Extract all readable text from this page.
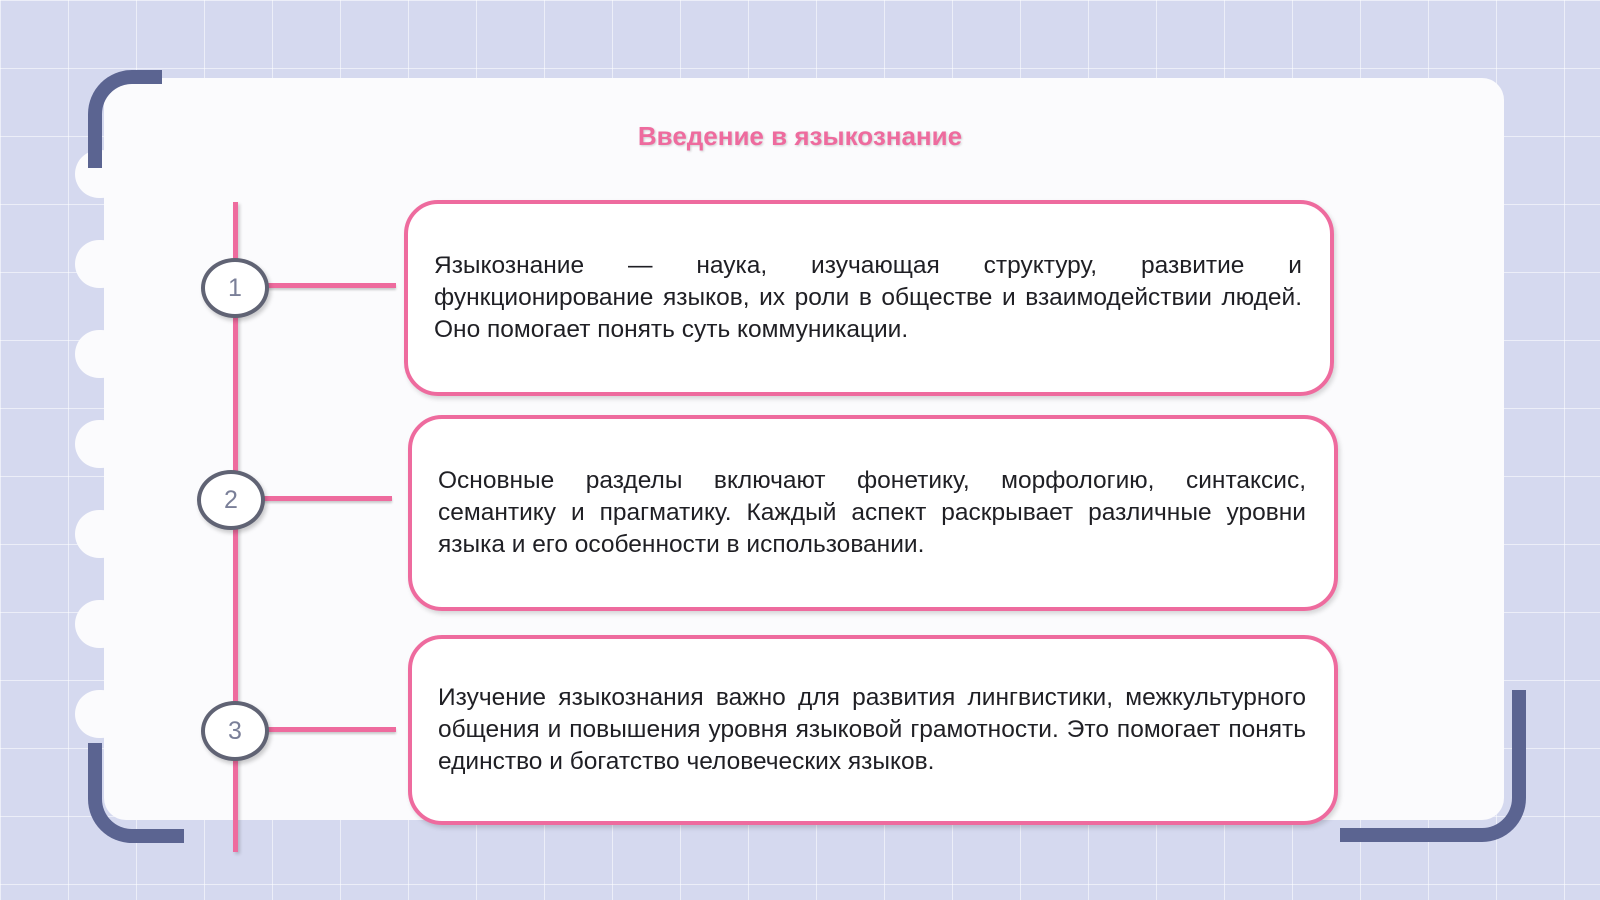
Введение в языкознание
1
2
3

Языкознание — наука, изучающая структуру, развитие и функционирование языков, их роли в обществе и взаимодействии людей. Оно помогает понять суть коммуникации.

Основные разделы включают фонетику, морфологию, синтаксис, семантику и прагматику. Каждый аспект раскрывает различные уровни языка и его особенности в использовании.

Изучение языкознания важно для развития лингвистики, межкультурного общения и повышения уровня языковой грамотности. Это помогает понять единство и богатство человеческих языков.
